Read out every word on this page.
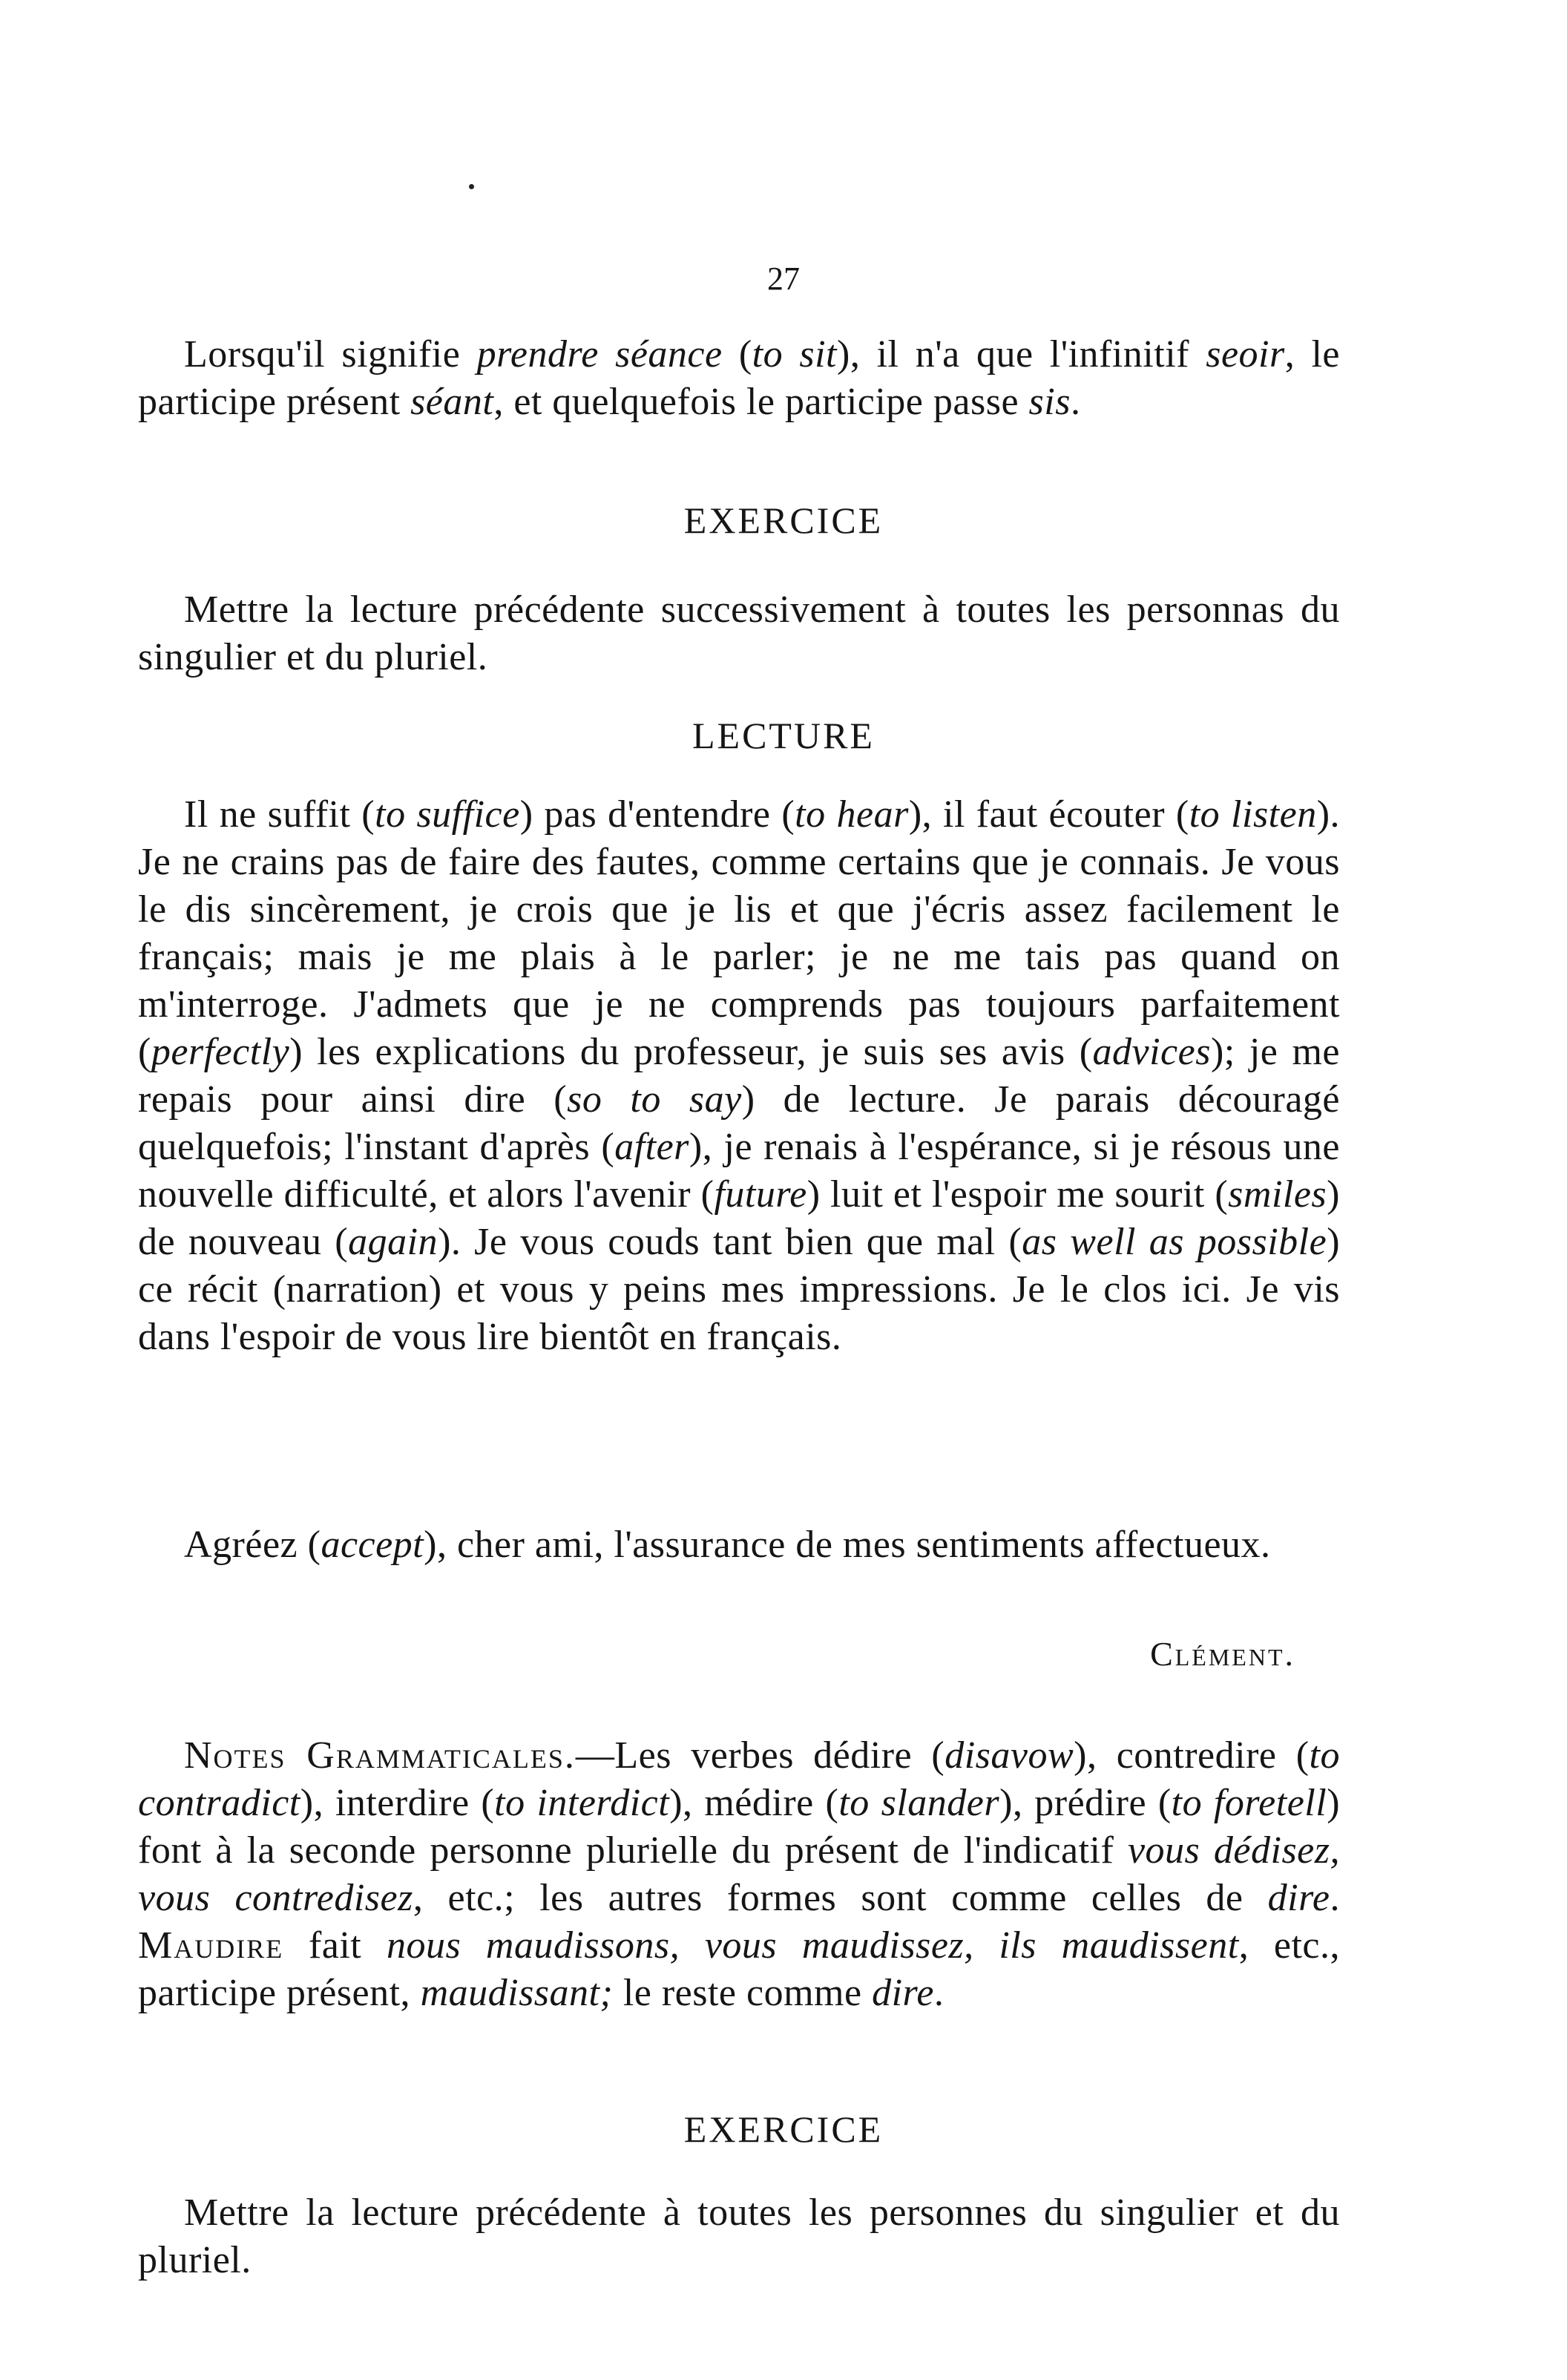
27

Lorsqu'il signifie prendre séance (to sit), il n'a que l'infinitif seoir, le participe présent séant, et quelquefois le participe passe sis.

EXERCICE

Mettre la lecture précédente successivement à toutes les personnas du singulier et du pluriel.

LECTURE

Il ne suffit (to suffice) pas d'entendre (to hear), il faut écouter (to listen). Je ne crains pas de faire des fautes, comme certains que je connais. Je vous le dis sincèrement, je crois que je lis et que j'écris assez facilement le français; mais je me plais à le parler; je ne me tais pas quand on m'interroge. J'admets que je ne comprends pas toujours parfaitement (perfectly) les explications du professeur, je suis ses avis (advices); je me repais pour ainsi dire (so to say) de lecture. Je parais découragé quelquefois; l'instant d'après (after), je renais à l'espérance, si je résous une nouvelle difficulté, et alors l'avenir (future) luit et l'espoir me sourit (smiles) de nouveau (again). Je vous couds tant bien que mal (as well as possible) ce récit (narration) et vous y peins mes impressions. Je le clos ici. Je vis dans l'espoir de vous lire bientôt en français.

Agréez (accept), cher ami, l'assurance de mes sentiments affectueux.

Clément.

Notes Grammaticales.—Les verbes dédire (disavow), contredire (to contradict), interdire (to interdict), médire (to slander), prédire (to foretell) font à la seconde personne plurielle du présent de l'indicatif vous dédisez, vous contredisez, etc.; les autres formes sont comme celles de dire. Maudire fait nous maudissons, vous maudissez, ils maudissent, etc., participe présent, maudissant; le reste comme dire.

EXERCICE

Mettre la lecture précédente à toutes les personnes du singulier et du pluriel.
